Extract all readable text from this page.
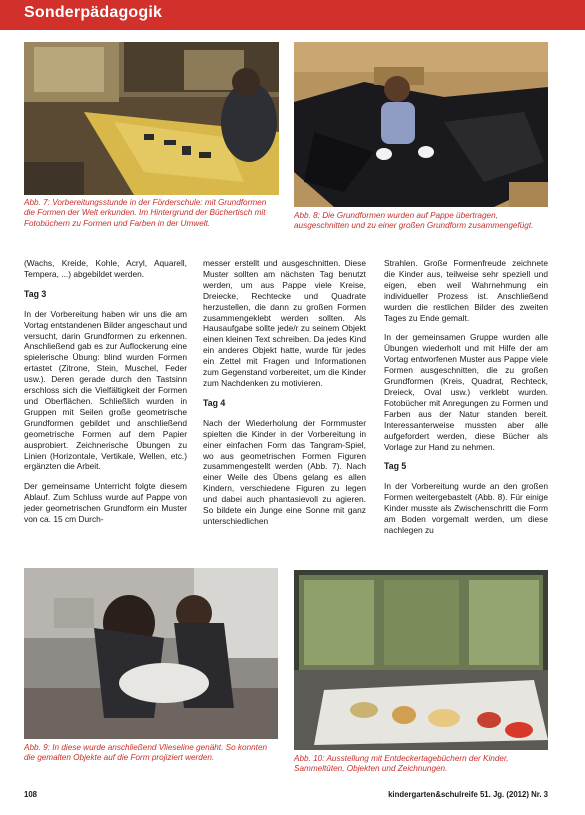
Sonderpädagogik
Abb. 7: Vorbereitungsstunde in der Förderschule: mit Grundformen die Formen der Welt erkunden. Im Hintergrund der Büchertisch mit Fotobüchern zu Formen und Farben in der Umwelt.
Abb. 8: Die Grundformen wurden auf Pappe übertragen, ausgeschnitten und zu einer großen Grundform zusammengefügt.

(Wachs, Kreide, Kohle, Acryl, Aquarell, Tempera, ...) abgebildet werden.

Tag 3

In der Vorbereitung haben wir uns die am Vortag entstandenen Bilder angeschaut und versucht, darin Grundformen zu erkennen. Anschließend gab es zur Auflockerung eine spielerische Übung: blind wurden Formen ertastet (Zitrone, Stein, Muschel, Feder usw.). Deren gerade durch den Tastsinn erschloss sich die Vielfältigkeit der Formen und Oberflächen. Schließlich wurden in Gruppen mit Seilen große geometrische Grundformen gebildet und anschließend geometrische Formen auf dem Papier ausprobiert. Zeichnerische Übungen zu Linien (Horizontale, Vertikale, Wellen, etc.) ergänzten die Arbeit.

Der gemeinsame Unterricht folgte diesem Ablauf. Zum Schluss wurde auf Pappe von jeder geometrischen Grundform ein Muster von ca. 15 cm Durch-

messer erstellt und ausgeschnitten. Diese Muster sollten am nächsten Tag benutzt werden, um aus Pappe viele Kreise, Dreiecke, Rechtecke und Quadrate herzustellen, die dann zu großen Formen zusammengeklebt werden sollten. Als Hausaufgabe sollte jede/r zu seinem Objekt einen kleinen Text schreiben. Da jedes Kind ein anderes Objekt hatte, wurde für jedes ein Zettel mit Fragen und Informationen zum Gegenstand vorbereitet, um die Kinder zum Nachdenken zu motivieren.

Tag 4

Nach der Wiederholung der Formmuster spielten die Kinder in der Vorbereitung in einer einfachen Form das Tangram-Spiel, wo aus geometrischen Formen Figuren zusammengestellt werden (Abb. 7). Nach einer Weile des Übens gelang es allen Kindern, verschiedene Figuren zu legen und dabei auch phantasievoll zu agieren. So bildete ein Junge eine Sonne mit ganz unterschiedlichen

Strahlen. Große Formenfreude zeichnete die Kinder aus, teilweise sehr speziell und eigen, eben weil Wahrnehmung ein individueller Prozess ist. Anschließend wurden die restlichen Bilder des zweiten Tages zu Ende gemalt.

In der gemeinsamen Gruppe wurden alle Übungen wiederholt und mit Hilfe der am Vortag entworfenen Muster aus Pappe viele Formen ausgeschnitten, die zu großen Grundformen (Kreis, Quadrat, Rechteck, Dreieck, Oval usw.) verklebt wurden. Fotobücher mit Anregungen zu Formen und Farben aus der Natur standen bereit. Interessanterweise mussten aber alle aufgefordert werden, diese Bücher als Vorlage zur Hand zu nehmen.

Tag 5

In der Vorbereitung wurde an den großen Formen weitergebastelt (Abb. 8). Für einige Kinder musste als Zwischenschritt die Form am Boden vorgemalt werden, um diese nachlegen zu

Abb. 9: In diese wurde anschließend Vlieseline genäht. So konnten die gemalten Objekte auf die Form projiziert werden.	Abb. 10: Ausstellung mit Entdeckertagebüchern der Kinder, Sammeltüten, Objekten und Zeichnungen.
108	kindergarten&schulreife 51. Jg. (2012) Nr. 3
